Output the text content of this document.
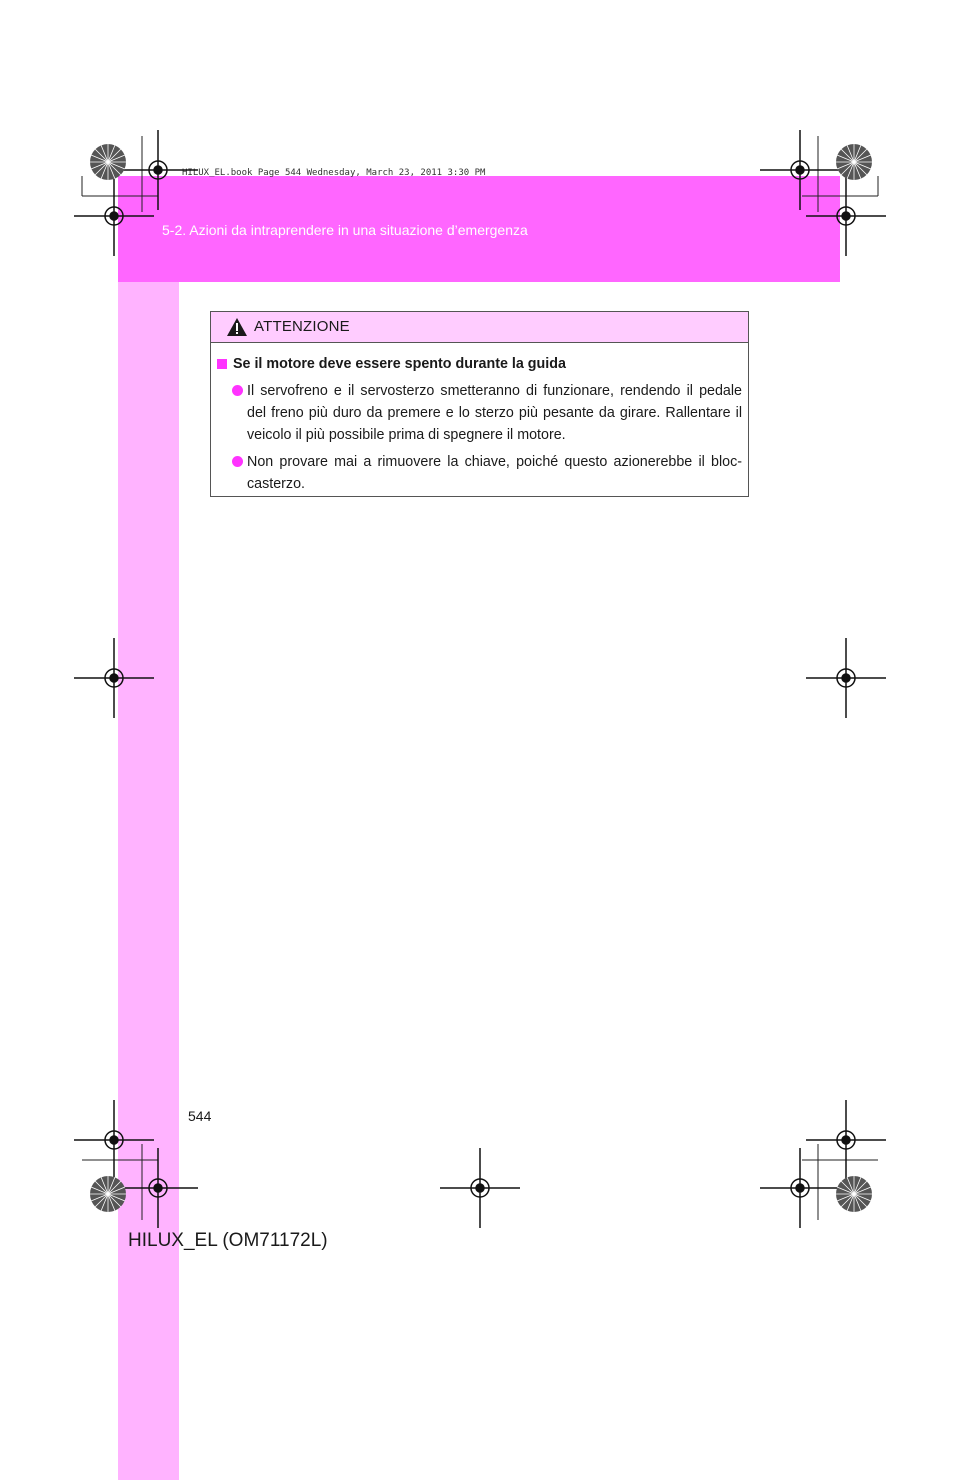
5-2. Azioni da intraprendere in una situazione d’emergenza
HILUX_EL.book Page 544 Wednesday, March 23, 2011 3:30 PM
ATTENZIONE
Se il motore deve essere spento durante la guida
Il servofreno e il servosterzo smetteranno di funzionare, rendendo il pedale del freno più duro da premere e lo sterzo più pesante da girare. Rallentare il veicolo il più possibile prima di spegnere il motore.
Non provare mai a rimuovere la chiave, poiché questo azionerebbe il bloc-casterzo.
544
HILUX_EL (OM71172L)
